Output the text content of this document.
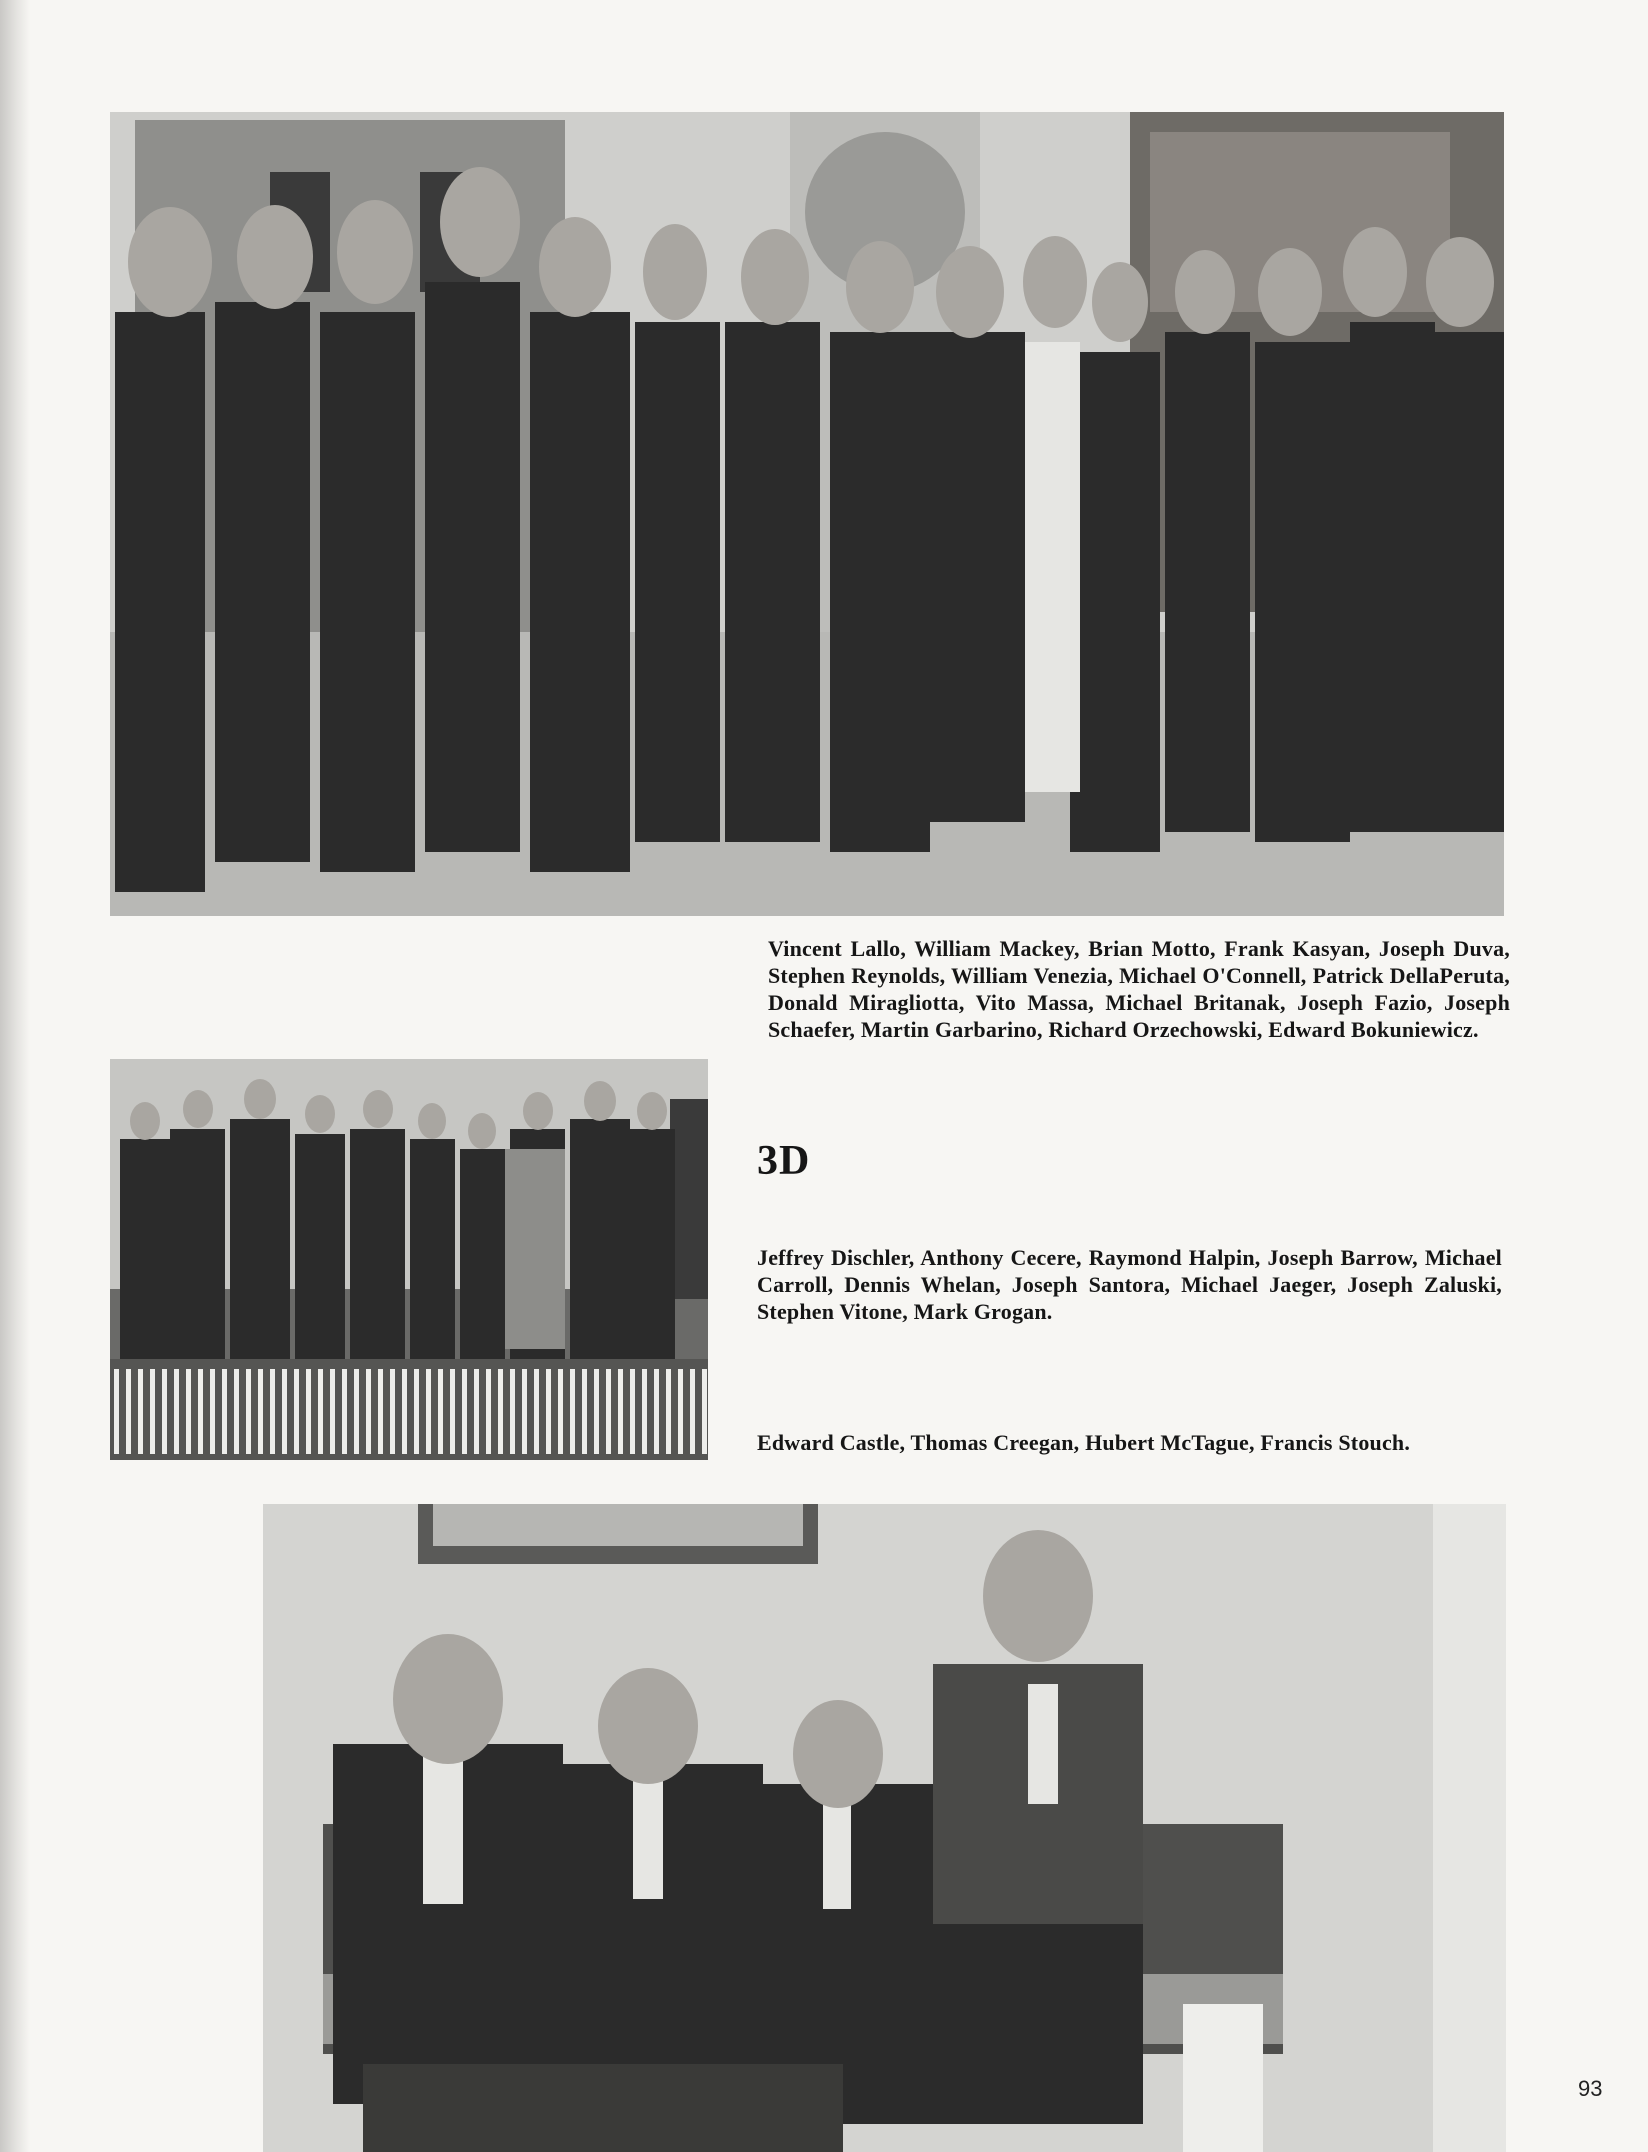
Vincent Lallo, William Mackey, Brian Motto, Frank Kasyan, Joseph Duva, Stephen Reynolds, William Venezia, Michael O'Connell, Patrick DellaPeruta, Donald Miragliotta, Vito Massa, Michael Britanak, Joseph Fazio, Joseph Schaefer, Martin Garbarino, Richard Orzechowski, Edward Bokuniewicz.

3D

Jeffrey Dischler, Anthony Cecere, Raymond Halpin, Joseph Barrow, Michael Carroll, Dennis Whelan, Joseph Santora, Michael Jaeger, Joseph Zaluski, Stephen Vitone, Mark Grogan.

Edward Castle, Thomas Creegan, Hubert McTague, Francis Stouch.

93
